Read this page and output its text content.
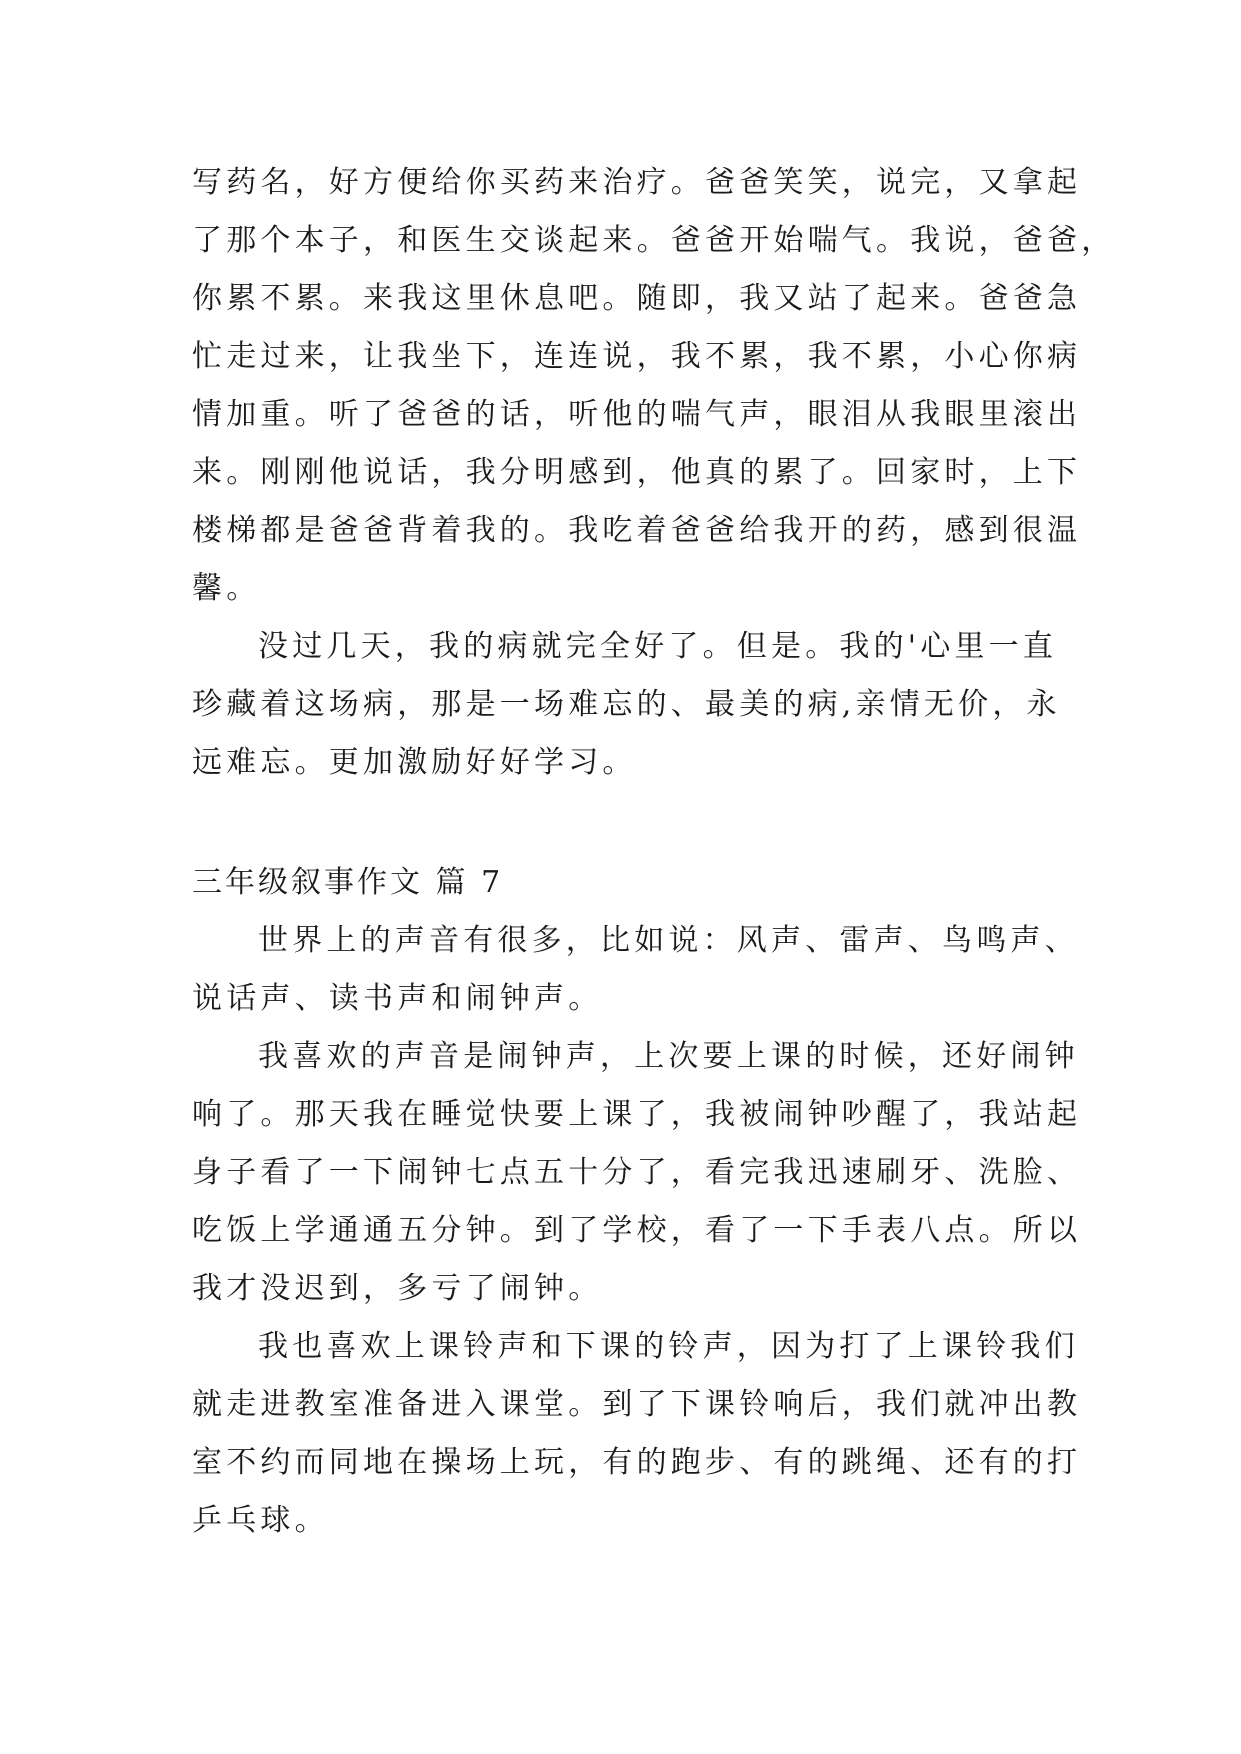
写药名，好方便给你买药来治疗。爸爸笑笑，说完，又拿起
了那个本子，和医生交谈起来。爸爸开始喘气。我说，爸爸，
你累不累。来我这里休息吧。随即，我又站了起来。爸爸急
忙走过来，让我坐下，连连说，我不累，我不累，小心你病
情加重。听了爸爸的话，听他的喘气声，眼泪从我眼里滚出
来。刚刚他说话，我分明感到，他真的累了。回家时，上下
楼梯都是爸爸背着我的。我吃着爸爸给我开的药，感到很温
馨。
没过几天，我的病就完全好了。但是。我的'心里一直
珍藏着这场病，那是一场难忘的、最美的病,亲情无价，永
远难忘。更加激励好好学习。
三年级叙事作文 篇 7
世界上的声音有很多，比如说：风声、雷声、鸟鸣声、
说话声、读书声和闹钟声。
我喜欢的声音是闹钟声，上次要上课的时候，还好闹钟
响了。那天我在睡觉快要上课了，我被闹钟吵醒了，我站起
身子看了一下闹钟七点五十分了，看完我迅速刷牙、洗脸、
吃饭上学通通五分钟。到了学校，看了一下手表八点。所以
我才没迟到，多亏了闹钟。
我也喜欢上课铃声和下课的铃声，因为打了上课铃我们
就走进教室准备进入课堂。到了下课铃响后，我们就冲出教
室不约而同地在操场上玩，有的跑步、有的跳绳、还有的打
乒乓球。
